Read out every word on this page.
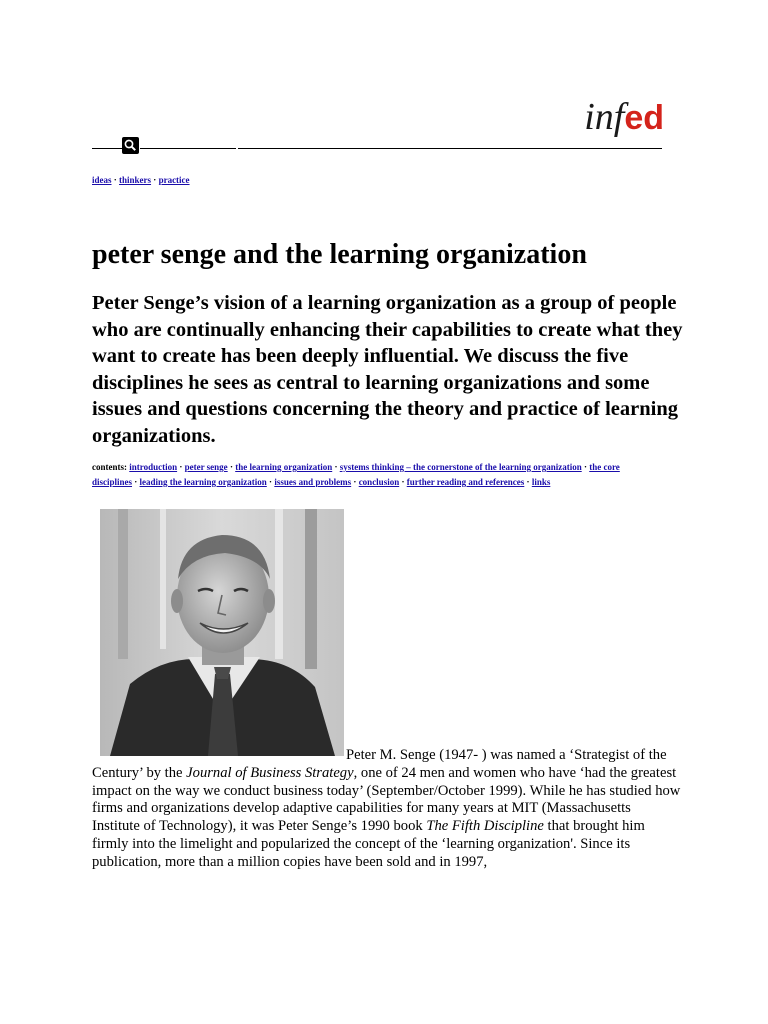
infed
ideas · thinkers · practice
peter senge and the learning organization
Peter Senge’s vision of a learning organization as a group of people who are continually enhancing their capabilities to create what they want to create has been deeply influential. We discuss the five disciplines he sees as central to learning organizations and some issues and questions concerning the theory and practice of learning organizations.
contents: introduction · peter senge · the learning organization · systems thinking – the cornerstone of the learning organization · the core disciplines · leading the learning organization · issues and problems · conclusion · further reading and references · links
Peter M. Senge (1947- ) was named a ‘Strategist of the Century’ by the Journal of Business Strategy, one of 24 men and women who have ‘had the greatest impact on the way we conduct business today’ (September/October 1999). While he has studied how firms and organizations develop adaptive capabilities for many years at MIT (Massachusetts Institute of Technology), it was Peter Senge’s 1990 book The Fifth Discipline that brought him firmly into the limelight and popularized the concept of the ‘learning organization'. Since its publication, more than a million copies have been sold and in 1997,
